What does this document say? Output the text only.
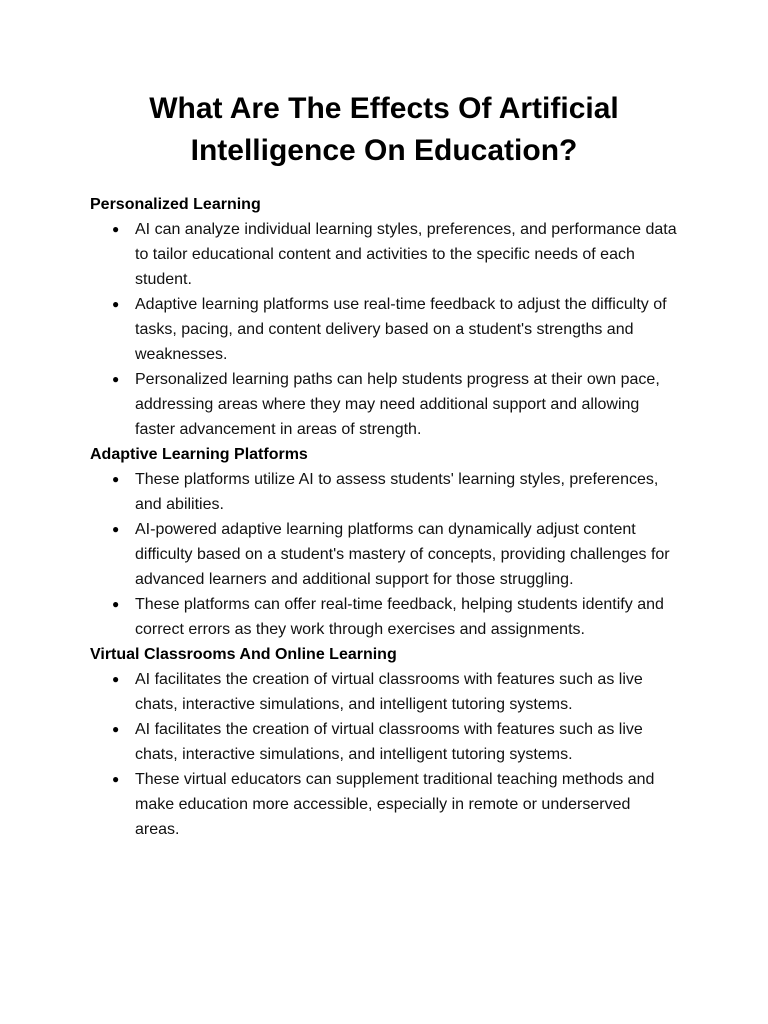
What Are The Effects Of Artificial Intelligence On Education?
Personalized Learning
● AI can analyze individual learning styles, preferences, and performance data to tailor educational content and activities to the specific needs of each student.
● Adaptive learning platforms use real-time feedback to adjust the difficulty of tasks, pacing, and content delivery based on a student's strengths and weaknesses.
● Personalized learning paths can help students progress at their own pace, addressing areas where they may need additional support and allowing faster advancement in areas of strength.
Adaptive Learning Platforms
● These platforms utilize AI to assess students' learning styles, preferences, and abilities.
● AI-powered adaptive learning platforms can dynamically adjust content difficulty based on a student's mastery of concepts, providing challenges for advanced learners and additional support for those struggling.
● These platforms can offer real-time feedback, helping students identify and correct errors as they work through exercises and assignments.
Virtual Classrooms And Online Learning
● AI facilitates the creation of virtual classrooms with features such as live chats, interactive simulations, and intelligent tutoring systems.
● AI facilitates the creation of virtual classrooms with features such as live chats, interactive simulations, and intelligent tutoring systems.
● These virtual educators can supplement traditional teaching methods and make education more accessible, especially in remote or underserved areas.
